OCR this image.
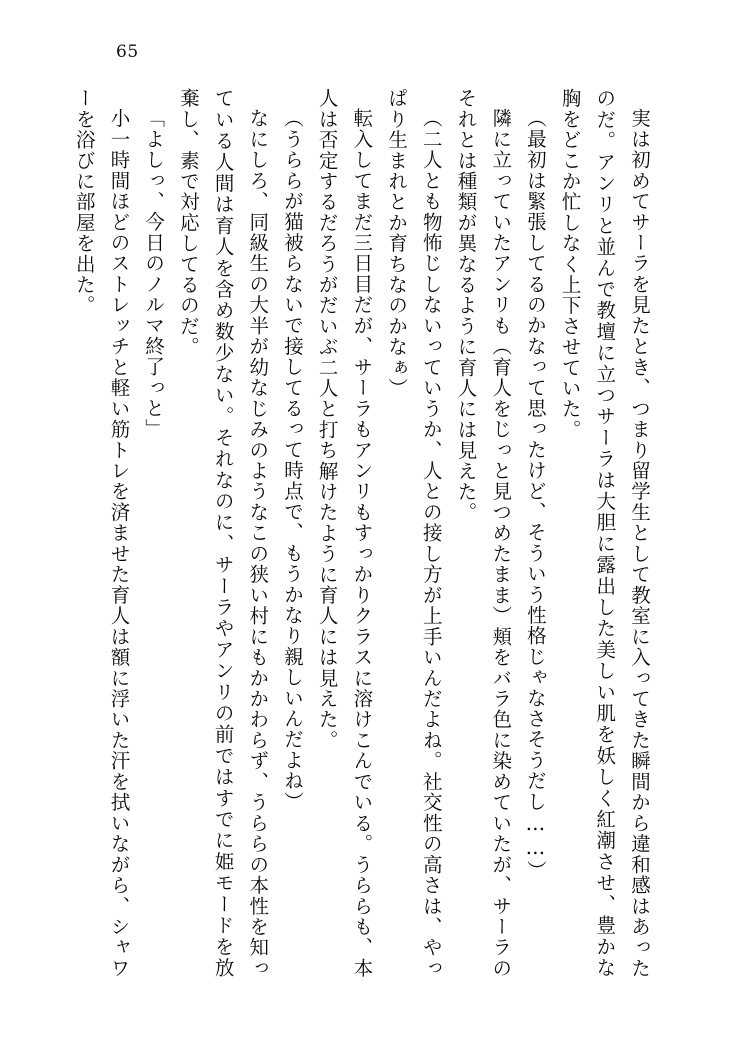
65

実は初めてサーラを見たとき、つまり留学生として教室に入ってきた瞬間から違和感はあったのだ。アンリと並んで教壇に立つサーラは大胆に露出した美しい肌を妖しく紅潮させ、豊かな胸をどこか忙しなく上下させていた。

（最初は緊張してるのかなって思ったけど、そういう性格じゃなさそうだし……）

隣に立っていたアンリも（育人をじっと見つめたまま）頬をバラ色に染めていたが、サーラのそれとは種類が異なるように育人には見えた。

（二人とも物怖じしないっていうか、人との接し方が上手いんだよね。社交性の高さは、やっぱり生まれとか育ちなのかなぁ）

転入してまだ三日目だが、サーラもアンリもすっかりクラスに溶けこんでいる。うららも、本人は否定するだろうがだいぶ二人と打ち解けたように育人には見えた。

（うららが猫被らないで接してるって時点で、もうかなり親しいんだよね）

なにしろ、同級生の大半が幼なじみのようなこの狭い村にもかかわらず、うららの本性を知っている人間は育人を含め数少ない。それなのに、サーラやアンリの前ではすでに姫モードを放棄し、素で対応してるのだ。

「よしっ、今日のノルマ終了っと」

小一時間ほどのストレッチと軽い筋トレを済ませた育人は額に浮いた汗を拭いながら、シャワーを浴びに部屋を出た。
